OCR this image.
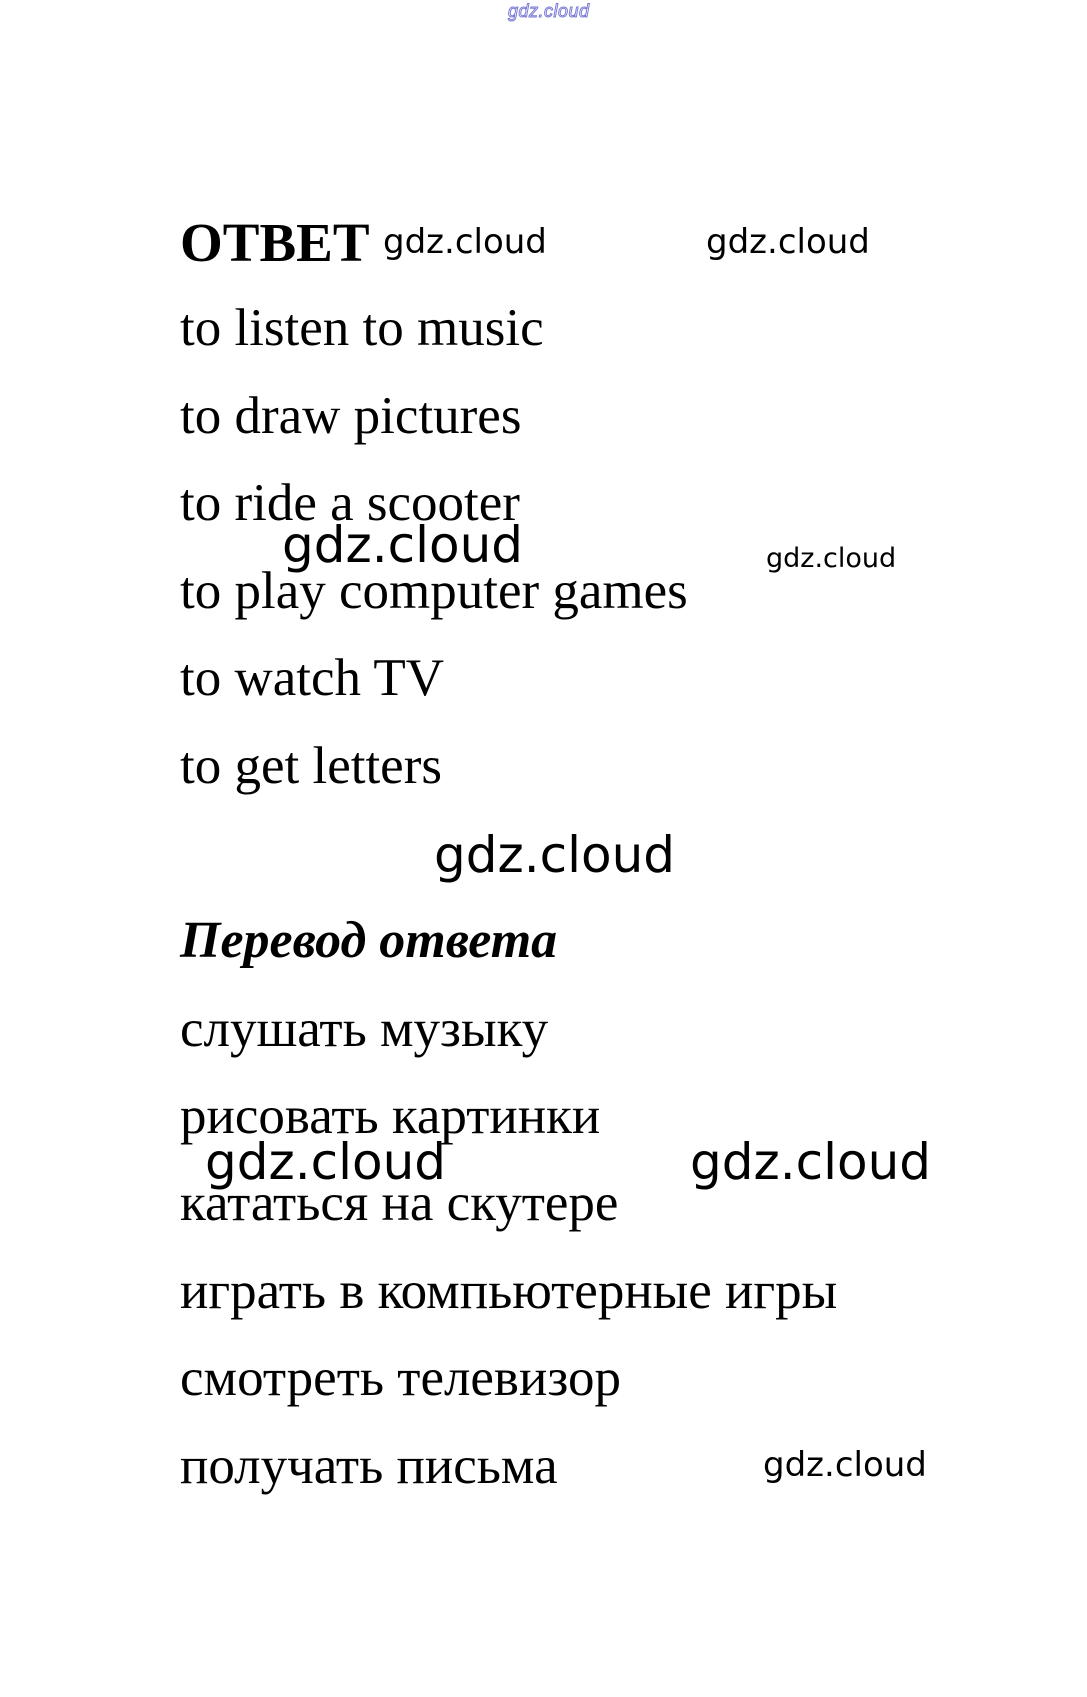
gdz.cloud
ОТВЕТ
to listen to music
to draw pictures
to ride a scooter
to play computer games
to watch TV
to get letters
Перевод ответа
слушать музыку
рисовать картинки
кататься на скутере
играть в компьютерные игры
смотреть телевизор
получать письма
gdz.cloud	gdz.cloud
gdz.cloud	gdz.cloud
gdz.cloud
gdz.cloud	gdz.cloud
gdz.cloud
